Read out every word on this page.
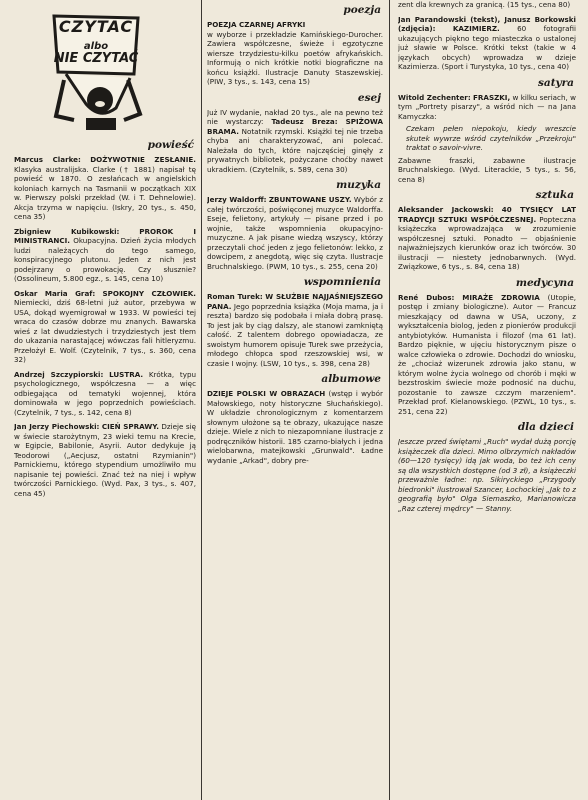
CZYTAĆ
albo
NIE CZYTAĆ
powieść

Marcus Clarke: DOŻYWOTNIE ZESŁANIE. Klasyka australijska. Clarke († 1881) napisał tę powieść w 1870. O zesłańcach w angielskich koloniach karnych na Tasmanii w początkach XIX w. Pierwszy polski przekład (W. i T. Dehnelowie). Akcja trzyma w napięciu. (Iskry, 20 tys., s. 450, cena 35)

Zbigniew Kubikowski:	PROROK I MINISTRANCI. Okupacyjna. Dzień życia młodych ludzi należących do tego samego, konspiracyjnego plutonu. Jeden z nich jest podejrzany o prowokację. Czy słusznie? (Ossolineum, 5.800 egz., s. 145, cena 10)

Oskar Maria Graf: SPOKOJNY CZŁOWIEK. Niemiecki, dziś 68-letni już autor, przebywa w USA, dokąd wyemigrował w 1933. W powieści tej wraca do czasów dobrze mu znanych. Bawarska wieś z lat dwudziestych i trzydziestych jest tłem do ukazania narastającej wówczas fali hitleryzmu. Przełożył E. Wolf. (Czytelnik, 7 tys., s. 360, cena 32)

Andrzej Szczypiorski: LUSTRA. Krótka, typu psychologicznego, współczesna — a więc odbiegająca od tematyki wojennej, która dominowała w jego poprzednich powieściach. (Czytelnik, 7 tys., s. 142, cena 8)

Jan Jerzy Piechowski: CIEŃ SPRAWY. Dzieje się w świecie starożytnym, 23 wieki temu na Krecie, w Egipcie, Babilonie, Asyrii. Autor dedykuje ją Teodorowi („Aecjusz, ostatni Rzymianin") Parnickiemu, którego stypendium umożliwiło mu napisanie tej powieści. Znać też na niej i wpływ twórczości Parnickiego. (Wyd. Pax, 3 tys., s. 407, cena 45)

poezja

POEZJA CZARNEJ AFRYKI

w wyborze i przekładzie Kamińskiego-Durocher. Zawiera współczesne, świeże i egzotyczne wiersze trzydziestu-kilku poetów afrykańskich. Informują o nich krótkie notki biograficzne na końcu książki. Ilustracje Danuty Staszewskiej. (PIW, 3 tys., s. 143, cena 15)

esej

Już IV wydanie, nakład 20 tys., ale na pewno też nie wystarczy: Tadeusz Breza: SPIŻOWA BRAMA. Notatnik rzymski. Książki tej nie trzeba chyba ani charakteryzować, ani polecać. Należała do tych, które najczęściej ginęły z prywatnych bibliotek, pożyczane choćby nawet ukradkiem. (Czytelnik, s. 589, cena 30)

muzyka

Jerzy Waldorff: ZBUNTOWANE USZY. Wybór z całej twórczości, poświęconej muzyce Waldorffa. Eseje, felietony, artykuły — pisane przed i po wojnie, także wspomnienia okupacyjno-muzyczne. A jak pisane wiedzą wszyscy, którzy przeczytali choć jeden z jego felietonów: lekko, z dowcipem, z anegdotą, więc się czyta. Ilustracje Bruchnalskiego. (PWM, 10 tys., s. 255, cena 20)

wspomnienia

Roman Turek: W SŁUŻBIE NAJJAŚNIEJSZEGO PANA. Jego poprzednia książka (Moja mama, ja i reszta) bardzo się podobała i miała dobrą prasę. To jest jak by ciąg dalszy, ale stanowi zamkniętą całość. Z talentem dobrego opowiadacza, ze swoistym humorem opisuje Turek swe przeżycia, młodego chłopca spod rzeszowskiej wsi, w czasie I wojny. (LSW, 10 tys., s. 398, cena 28)

albumowe

DZIEJE POLSKI W OBRAZACH (wstęp i wybór Małowskiego, noty historyczne Słuchańskiego). W układzie chronologicznym z komentarzem słownym ułożone są te obrazy, ukazujące nasze dzieje. Wiele z nich to niezapomniane ilustracje z podręczników historii. 185 czarno-białych i jedna wielobarwna, matejkowski „Grunwald". Ładne wydanie „Arkad", dobry pre-

zent dla krewnych za granicą. (15 tys., cena 80)

Jan Parandowski (tekst), Janusz Borkowski (zdjęcia): KAZIMIERZ. 60 fotografii ukazujących piękno tego miasteczka o ustalonej już sławie w Polsce. Krótki tekst (takie w 4 językach obcych) wprowadza w dzieje Kazimierza. (Sport i Turystyka, 10 tys., cena 40)

satyra

Witold Zechenter: FRASZKI, w kilku seriach, w tym „Portrety pisarzy", a wśród nich — na Jana Kamyczka:

Czekam pełen niepokoju, kiedy wreszcie skutek wywrze wśród czytelników „Przekroju" traktat o savoir-vivre.

Zabawne fraszki, zabawne ilustracje Bruchnalskiego. (Wyd. Literackie, 5 tys., s. 56, cena 8)

sztuka

Aleksander Jackowski: 40 TYSIĘCY LAT TRADYCJI SZTUKI WSPÓŁCZESNEJ. Popteczna książeczka wprowadzająca w zrozumienie współczesnej sztuki. Ponadto — objaśnienie najważniejszych kierunków oraz ich twórców. 30 ilustracji — niestety jednobarwnych. (Wyd. Związkowe, 6 tys., s. 84, cena 18)

medycyna

René Dubos: MIRAŻE ZDROWIA (Utopie, postęp i zmiany biologiczne). Autor — Francuz mieszkający od dawna w USA, uczony, z wykształcenia biolog, jeden z pionierów produkcji antybiotyków. Humanista i filozof (ma 61 lat). Bardzo pięknie, w ujęciu historycznym pisze o walce człowieka o zdrowie. Dochodzi do wniosku, że „chociaż wizerunek zdrowia jako stanu, w którym wolne życia wolnego od chorób i męki w bezstroskim świecie może podnosić na duchu, pozostanie to zawsze czczym marzeniem". Przekład prof. Kielanowskiego. (PZWL, 10 tys., s. 251, cena 22)

dla dzieci

Jeszcze przed świętami „Ruch" wydał dużą porcję książeczek dla dzieci. Mimo olbrzymich nakładów (60—120 tysięcy) idą jak woda, bo też ich ceny są dla wszystkich dostępne (od 3 zł), a książeczki przeważnie ładne: np. Sikiryckiego „Przygody biedronki" ilustrował Szancer, Łochockiej „Jak to z geografią było" Olga Siemaszko, Marianowicza „Raz czterej mędrcy" — Stanny.
